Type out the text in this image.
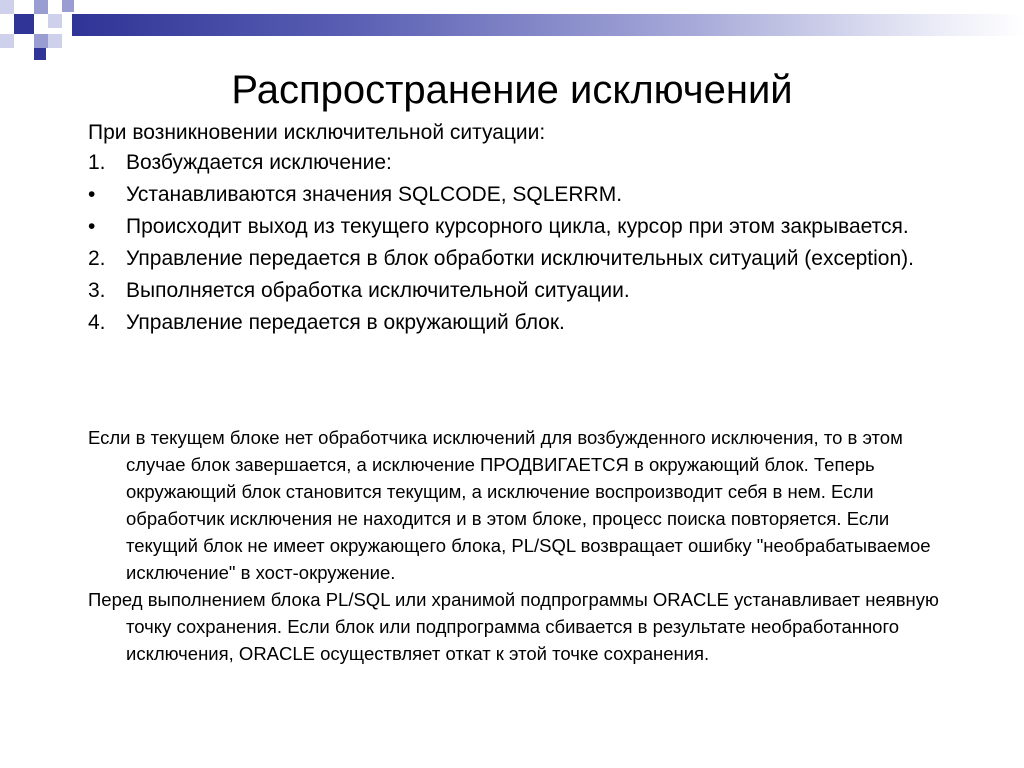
Распространение исключений
При возникновении исключительной ситуации:
1. Возбуждается исключение:
• Устанавливаются значения SQLCODE, SQLERRM.
• Происходит выход из текущего курсорного цикла, курсор при этом закрывается.
2. Управление передается в блок обработки исключительных ситуаций (exception).
3. Выполняется обработка исключительной ситуации.
4. Управление передается в окружающий блок.

Если в текущем блоке нет обработчика исключений для возбужденного исключения, то в этом случае блок завершается, а исключение ПРОДВИГАЕТСЯ в окружающий блок. Теперь окружающий блок становится текущим, а исключение воспроизводит себя в нем. Если обработчик исключения не находится и в этом блоке, процесс поиска повторяется. Если текущий блок не имеет окружающего блока, PL/SQL возвращает ошибку "необрабатываемое исключение" в хост-окружение.

Перед выполнением блока PL/SQL или хранимой подпрограммы ORACLE устанавливает неявную точку сохранения. Если блок или подпрограмма сбивается в результате необработанного исключения, ORACLE осуществляет откат к этой точке сохранения.
